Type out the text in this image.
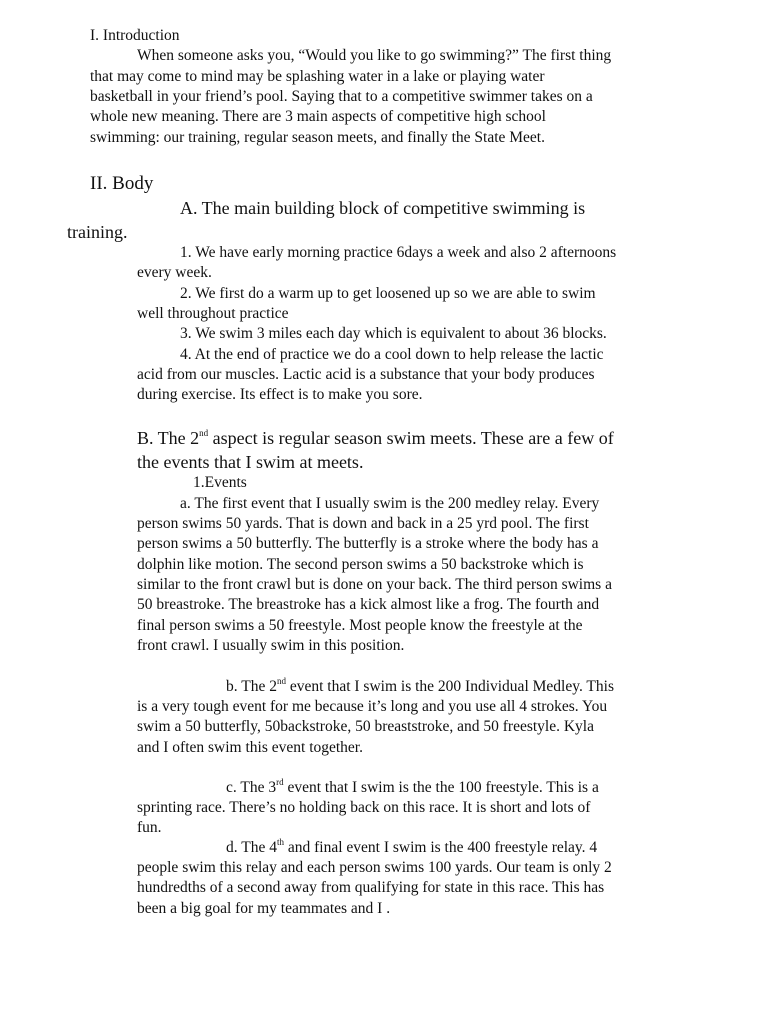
I. Introduction
When someone asks you, “Would you like to go swimming?” The first thing
that may come to mind may be splashing water in a lake or playing water
basketball in your friend’s pool. Saying that to a competitive swimmer takes on a
whole new meaning. There are 3 main aspects of competitive high school
swimming: our training, regular season meets, and finally the State Meet.
II. Body
A. The main building block of competitive swimming is
training.
1. We have early morning practice 6days a week and also 2 afternoons
every week.
2. We first do a warm up to get loosened up so we are able to swim
well throughout practice
3. We swim 3 miles each day which is equivalent to about 36 blocks.
4. At the end of practice we do a cool down to help release the lactic
acid from our muscles. Lactic acid is a substance that your body produces
during exercise. Its effect is to make you sore.
B. The 2nd aspect is regular season swim meets. These are a few of
the events that I swim at meets.
1.Events
a. The first event that I usually swim is the 200 medley relay. Every
person swims 50 yards. That is down and back in a 25 yrd pool. The first
person swims a 50 butterfly. The butterfly is a stroke where the body has a
dolphin like motion. The second person swims a 50 backstroke which is
similar to the front crawl but is done on your back. The third person swims a
50 breastroke. The breastroke has a kick almost like a frog. The fourth and
final person swims a 50 freestyle. Most people know the freestyle at the
front crawl. I usually swim in this position.
b. The 2nd event that I swim is the 200 Individual Medley. This
is a very tough event for me because it’s long and you use all 4 strokes. You
swim a 50 butterfly, 50backstroke, 50 breaststroke, and 50 freestyle. Kyla
and I often swim this event together.
c. The 3rd event that I swim is the the 100 freestyle. This is a
sprinting race. There’s no holding back on this race. It is short and lots of
fun.
d. The 4th and final event I swim is the 400 freestyle relay. 4
people swim this relay and each person swims 100 yards. Our team is only 2
hundredths of a second away from qualifying for state in this race. This has
been a big goal for my teammates and I .
